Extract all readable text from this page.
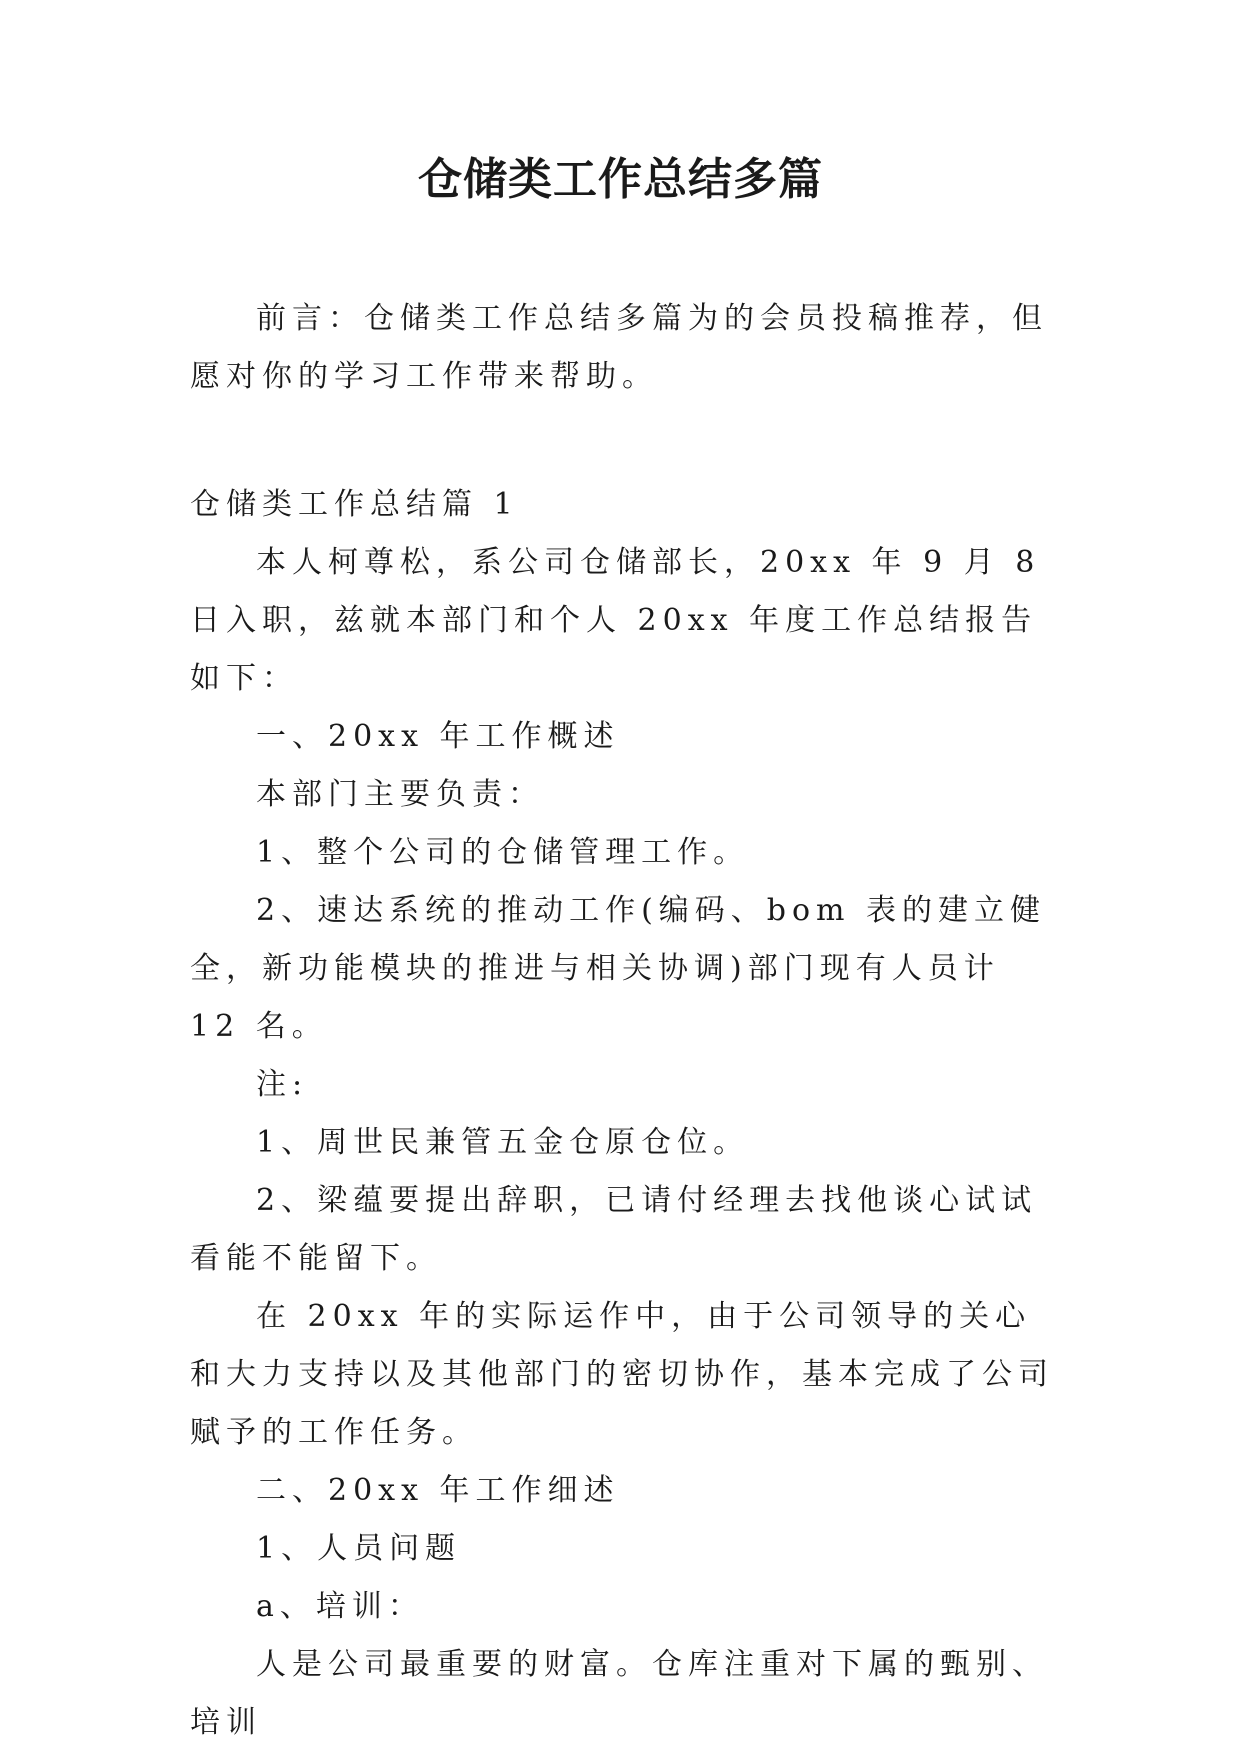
仓储类工作总结多篇

前言：仓储类工作总结多篇为的会员投稿推荐，但愿对你的学习工作带来帮助。

仓储类工作总结篇 1

本人柯尊松，系公司仓储部长，20xx 年 9 月 8 日入职，兹就本部门和个人 20xx 年度工作总结报告如下：

一、20xx 年工作概述

本部门主要负责：

1、整个公司的仓储管理工作。

2、速达系统的推动工作(编码、bom 表的建立健全，新功能模块的推进与相关协调)部门现有人员计 12 名。

注:

1、周世民兼管五金仓原仓位。

2、梁蕴要提出辞职，已请付经理去找他谈心试试看能不能留下。

在 20xx 年的实际运作中，由于公司领导的关心和大力支持以及其他部门的密切协作，基本完成了公司赋予的工作任务。

二、20xx 年工作细述

1、人员问题

a、培训：

人是公司最重要的财富。仓库注重对下属的甄别、培训
